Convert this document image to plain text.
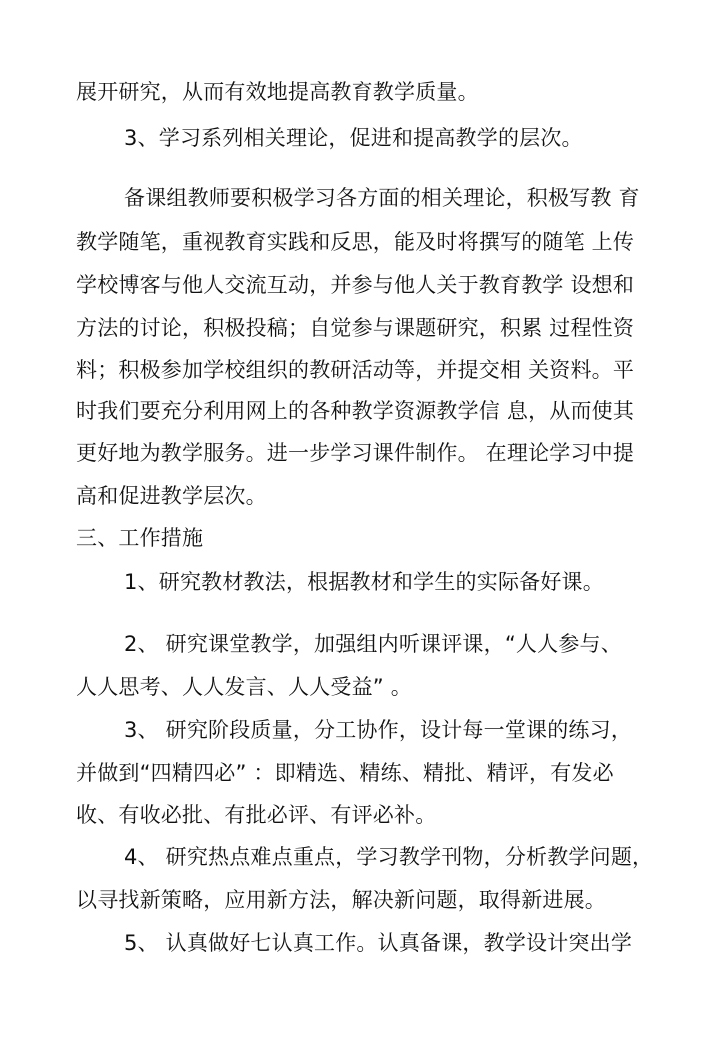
展开研究，从而有效地提高教育教学质量。
3、学习系列相关理论，促进和提高教学的层次。
备课组教师要积极学习各方面的相关理论，积极写教 育
教学随笔，重视教育实践和反思，能及时将撰写的随笔 上传
学校博客与他人交流互动，并参与他人关于教育教学 设想和
方法的讨论，积极投稿；自觉参与课题研究，积累 过程性资
料；积极参加学校组织的教研活动等，并提交相 关资料。平
时我们要充分利用网上的各种教学资源教学信 息，从而使其
更好地为教学服务。进一步学习课件制作。 在理论学习中提
高和促进教学层次。
三、工作措施
1、研究教材教法，根据教材和学生的实际备好课。
2、 研究课堂教学，加强组内听课评课，“人人参与、
人人思考、人人发言、人人受益” 。
3、 研究阶段质量，分工协作，设计每一堂课的练习，
并做到“四精四必” ：即精选、精练、精批、精评，有发必
收、有收必批、有批必评、有评必补。
4、 研究热点难点重点，学习教学刊物，分析教学问题，
以寻找新策略，应用新方法，解决新问题，取得新进展。
5、 认真做好七认真工作。认真备课，教学设计突出学
